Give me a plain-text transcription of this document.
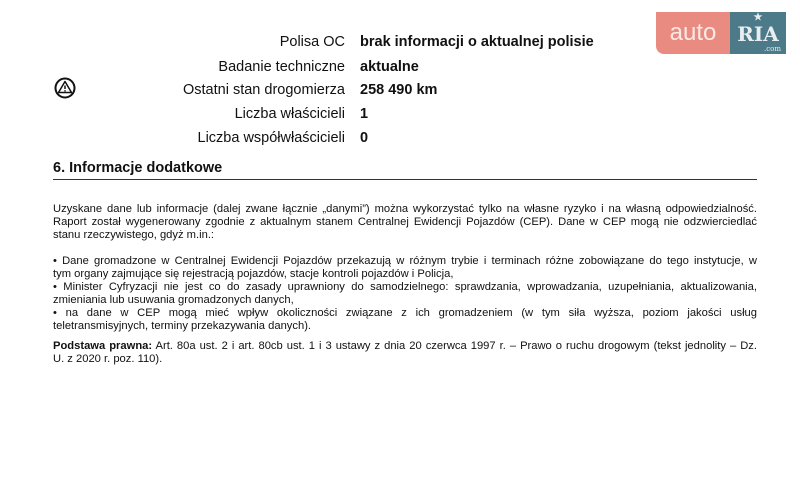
auto
★
RIA
.com
Polisa OC brak informacji o aktualnej polisie
Badanie techniczne aktualne
Ostatni stan drogomierza 258 490 km
Liczba właścicieli 1
Liczba współwłaścicieli 0
6. Informacje dodatkowe
Uzyskane dane lub informacje (dalej zwane łącznie „danymi”) można wykorzystać tylko na własne ryzyko i na własną odpowiedzialność.
Raport został wygenerowany zgodnie z aktualnym stanem Centralnej Ewidencji Pojazdów (CEP). Dane w CEP mogą nie odzwierciedlać
stanu rzeczywistego, gdyż m.in.:
• Dane gromadzone w Centralnej Ewidencji Pojazdów przekazują w różnym trybie i terminach różne zobowiązane do tego instytucje, w
tym organy zajmujące się rejestracją pojazdów, stacje kontroli pojazdów i Policja,
• Minister Cyfryzacji nie jest co do zasady uprawniony do samodzielnego: sprawdzania, wprowadzania, uzupełniania, aktualizowania,
zmieniania lub usuwania gromadzonych danych,
• na dane w CEP mogą mieć wpływ okoliczności związane z ich gromadzeniem (w tym siła wyższa, poziom jakości usług
teletransmisyjnych, terminy przekazywania danych).
Podstawa prawna: Art. 80a ust. 2 i art. 80cb ust. 1 i 3 ustawy z dnia 20 czerwca 1997 r. – Prawo o ruchu drogowym (tekst jednolity – Dz.
U. z 2020 r. poz. 110).
